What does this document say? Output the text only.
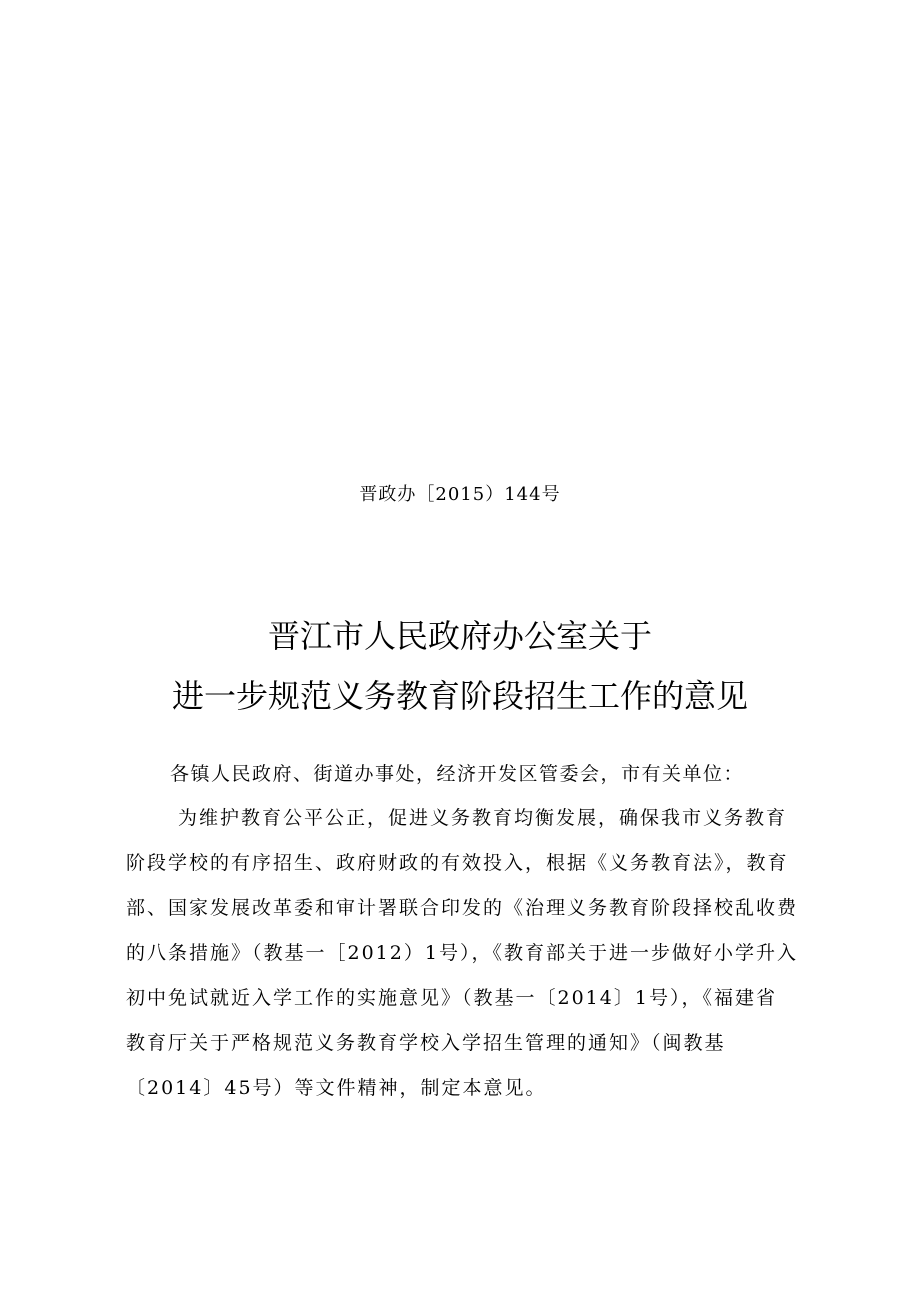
晋政办［2015）144号
晋江市人民政府办公室关于
进一步规范义务教育阶段招生工作的意见
各镇人民政府、街道办事处，经济开发区管委会，市有关单位：
为维护教育公平公正，促进义务教育均衡发展，确保我市义务教育
阶段学校的有序招生、政府财政的有效投入，根据《义务教育法》，教育
部、国家发展改革委和审计署联合印发的《治理义务教育阶段择校乱收费
的八条措施》（教基一［2012）1号），《教育部关于进一步做好小学升入
初中免试就近入学工作的实施意见》（教基一〔2014〕1号），《福建省
教育厅关于严格规范义务教育学校入学招生管理的通知》（闽教基
〔2014〕45号）等文件精神，制定本意见。
